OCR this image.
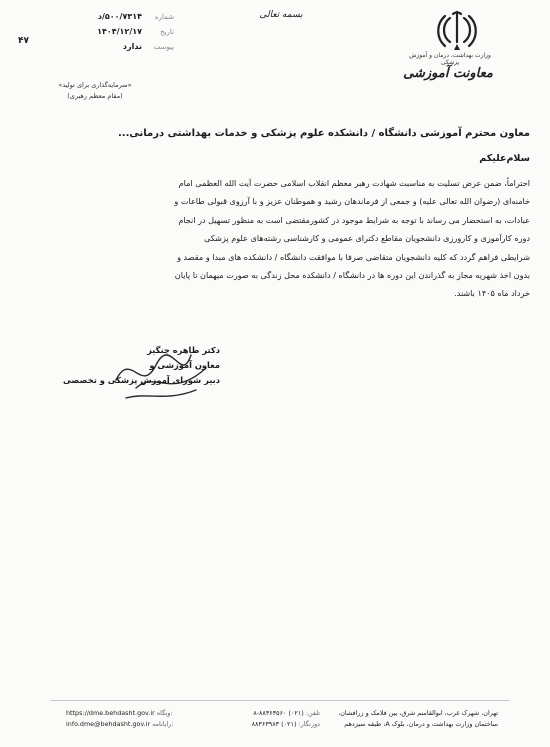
وزارت بهداشت، درمان و آموزش پزشکی
معاونت آموزشی
بسمه تعالی
شماره
۵۰۰/۷۳۱۴/د
تاریخ
۱۴۰۴/۱۲/۱۷
پیوست
ندارد
۴۷
«سرمایه‌گذاری برای تولید»
(مقام معظم رهبری)

معاون محترم آموزشی دانشگاه / دانشکده علوم پزشکی و خدمات بهداشتی درمانی...

سلام‌علیکم

احتراماً، ضمن عرض تسلیت به مناسبت شهادت رهبر معظم انقلاب اسلامی حضرت آیت الله العظمی امام
خامنه‌ای (رضوان الله تعالی علیه) و جمعی از فرماندهان رشید و هموطنان عزیز و با آرزوی قبولی طاعات و
عبادات، به استحضار می رساند با توجه به شرایط موجود در کشورمقتضی است به منظور تسهیل در انجام
دوره کارآموزی و کارورزی دانشجویان مقاطع دکترای عمومی و کارشناسی رشته‌های علوم پزشکی
شرایطی فراهم گردد که کلیه دانشجویان متقاضی صرفا با موافقت دانشگاه / دانشکده های مبدا و مقصد و
بدون اخذ شهریه مجاز به گذراندن این دوره ها در دانشگاه / دانشکده محل زندگی به صورت میهمان تا پایان
خرداد ماه ۱۴۰۵ باشند.
دکتر طاهره چنگیز
معاون آموزشی و
دبیر شورای آموزش پزشکی و تخصصی
https://dme.behdasht.gov.ir وبگاه:
info.dme@behdasht.gov.ir رایانامه:
تلفن: (۰۲۱) ۸۸۳۶۳۵۶۰-۸
دورنگار: (۰۲۱) ۸۸۳۶۳۹۸۳
تهران، شهرک غرب، ابوالقاسم شرق، بین فلامک و زرافشان،
ساختمان وزارت بهداشت و درمان، بلوک A، طبقه سیزدهم
